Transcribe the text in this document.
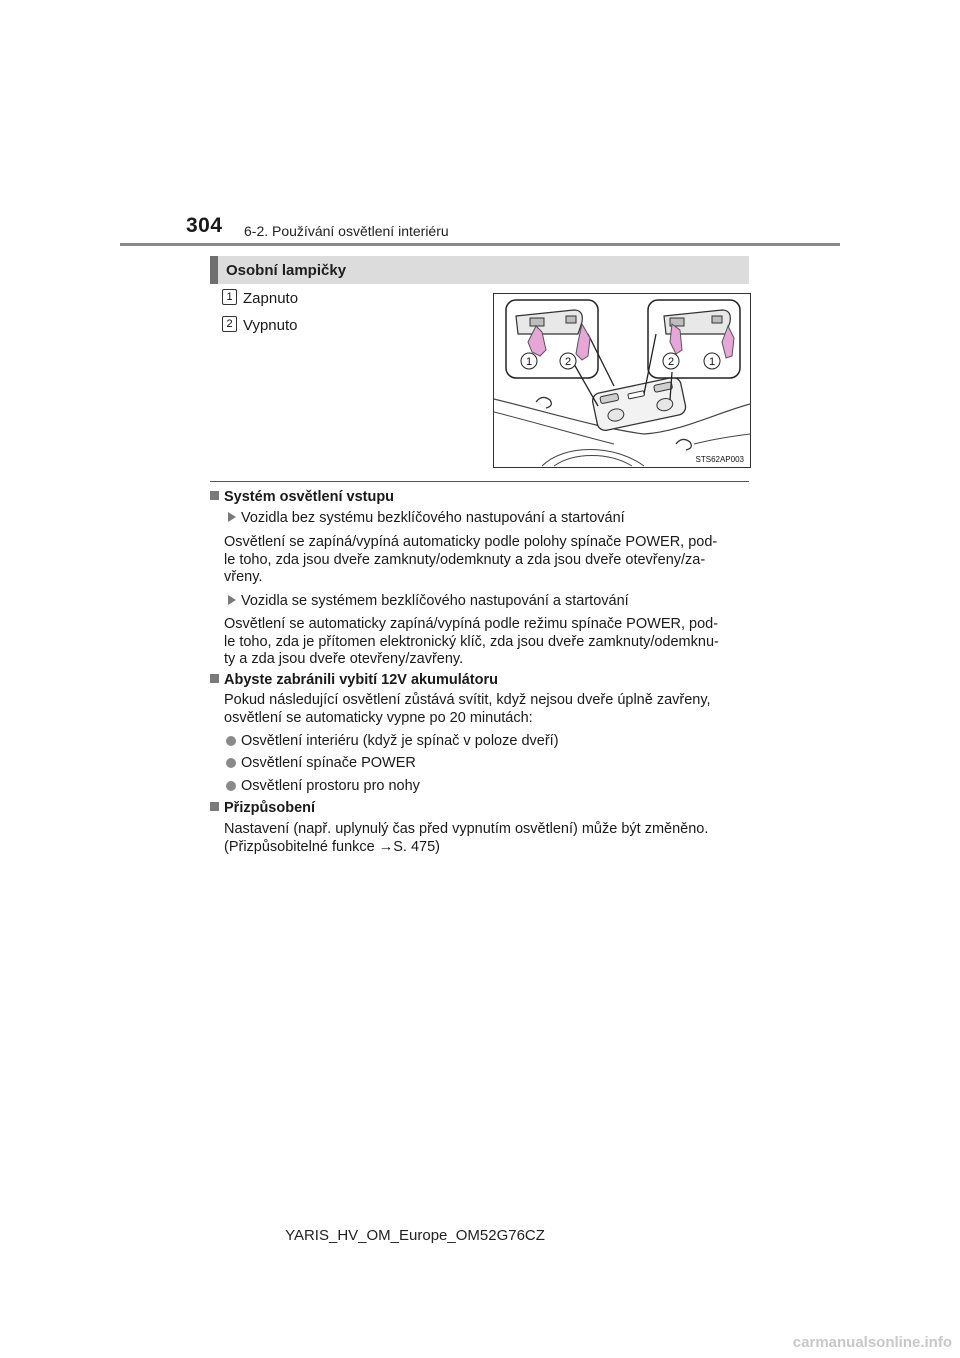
304 6-2. Používání osvětlení interiéru
Osobní lampičky
1 Zapnuto
2 Vypnuto
1	2	2	1
STS62AP003
Systém osvětlení vstupu
Vozidla bez systému bezklíčového nastupování a startování
Osvětlení se zapíná/vypíná automaticky podle polohy spínače POWER, pod-
le toho, zda jsou dveře zamknuty/odemknuty a zda jsou dveře otevřeny/za-
vřeny.
Vozidla se systémem bezklíčového nastupování a startování
Osvětlení se automaticky zapíná/vypíná podle režimu spínače POWER, pod-
le toho, zda je přítomen elektronický klíč, zda jsou dveře zamknuty/odemknu-
ty a zda jsou dveře otevřeny/zavřeny.
Abyste zabránili vybití 12V akumulátoru
Pokud následující osvětlení zůstává svítit, když nejsou dveře úplně zavřeny,
osvětlení se automaticky vypne po 20 minutách:
Osvětlení interiéru (když je spínač v poloze dveří)
Osvětlení spínače POWER
Osvětlení prostoru pro nohy
Přizpůsobení
Nastavení (např. uplynulý čas před vypnutím osvětlení) může být změněno.
(Přizpůsobitelné funkce →S. 475)
YARIS_HV_OM_Europe_OM52G76CZ
carmanualsonline.info
